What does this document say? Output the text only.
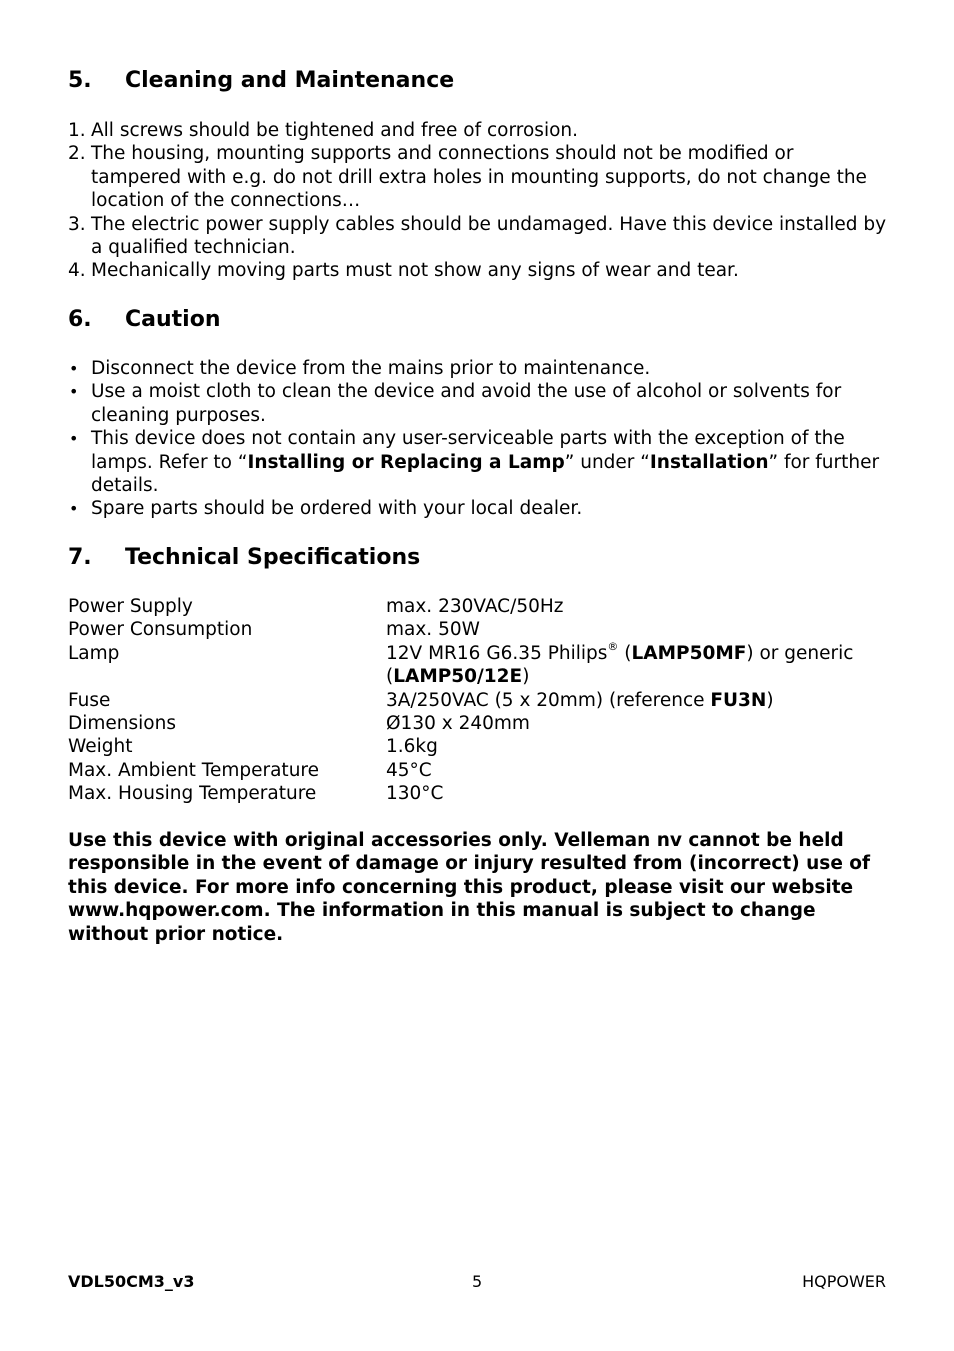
5. Cleaning and Maintenance
1. All screws should be tightened and free of corrosion.
2. The housing, mounting supports and connections should not be modified or tampered with e.g. do not drill extra holes in mounting supports, do not change the location of the connections…
3. The electric power supply cables should be undamaged. Have this device installed by a qualified technician.
4. Mechanically moving parts must not show any signs of wear and tear.
6. Caution
• Disconnect the device from the mains prior to maintenance.
• Use a moist cloth to clean the device and avoid the use of alcohol or solvents for cleaning purposes.
• This device does not contain any user-serviceable parts with the exception of the lamps. Refer to “Installing or Replacing a Lamp” under “Installation” for further details.
• Spare parts should be ordered with your local dealer.
7. Technical Specifications
Power Supply	max. 230VAC/50Hz
Power Consumption	max. 50W
Lamp	12V MR16 G6.35 Philips® (LAMP50MF) or generic (LAMP50/12E)
Fuse	3A/250VAC (5 x 20mm) (reference FU3N)
Dimensions	Ø130 x 240mm
Weight	1.6kg
Max. Ambient Temperature	45°C
Max. Housing Temperature	130°C
Use this device with original accessories only. Velleman nv cannot be held responsible in the event of damage or injury resulted from (incorrect) use of this device. For more info concerning this product, please visit our website www.hqpower.com. The information in this manual is subject to change without prior notice.
VDL50CM3_v3	5	HQPOWER
